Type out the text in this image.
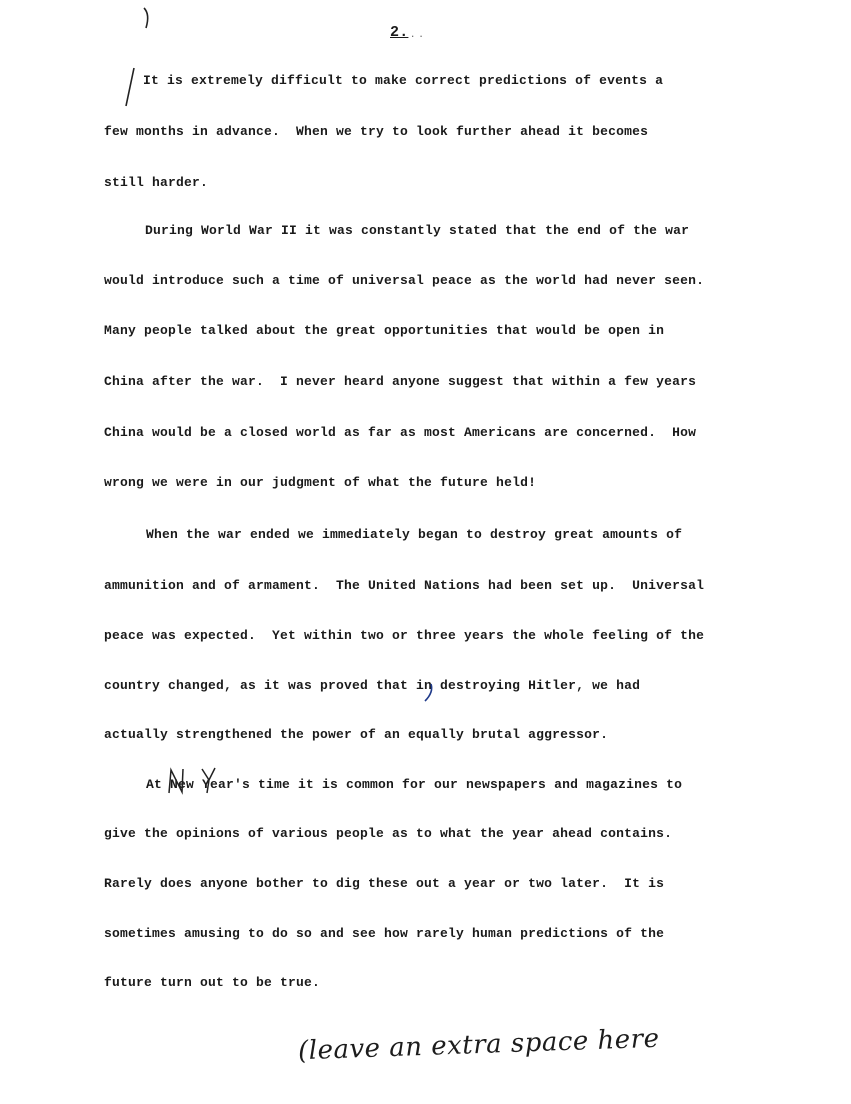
2. ..
It is extremely difficult to make correct predictions of events a
few months in advance.  When we try to look further ahead it becomes
still harder.
During World War II it was constantly stated that the end of the war
would introduce such a time of universal peace as the world had never seen.
Many people talked about the great opportunities that would be open in
China after the war.  I never heard anyone suggest that within a few years
China would be a closed world as far as most Americans are concerned.  How
wrong we were in our judgment of what the future held!
When the war ended we immediately began to destroy great amounts of
ammunition and of armament.  The United Nations had been set up.  Universal
peace was expected.  Yet within two or three years the whole feeling of the
country changed, as it was proved that in destroying Hitler, we had
actually strengthened the power of an equally brutal aggressor.
At New Year's time it is common for our newspapers and magazines to
give the opinions of various people as to what the year ahead contains.
Rarely does anyone bother to dig these out a year or two later.  It is
sometimes amusing to do so and see how rarely human predictions of the
future turn out to be true.
(leave an extra space here
